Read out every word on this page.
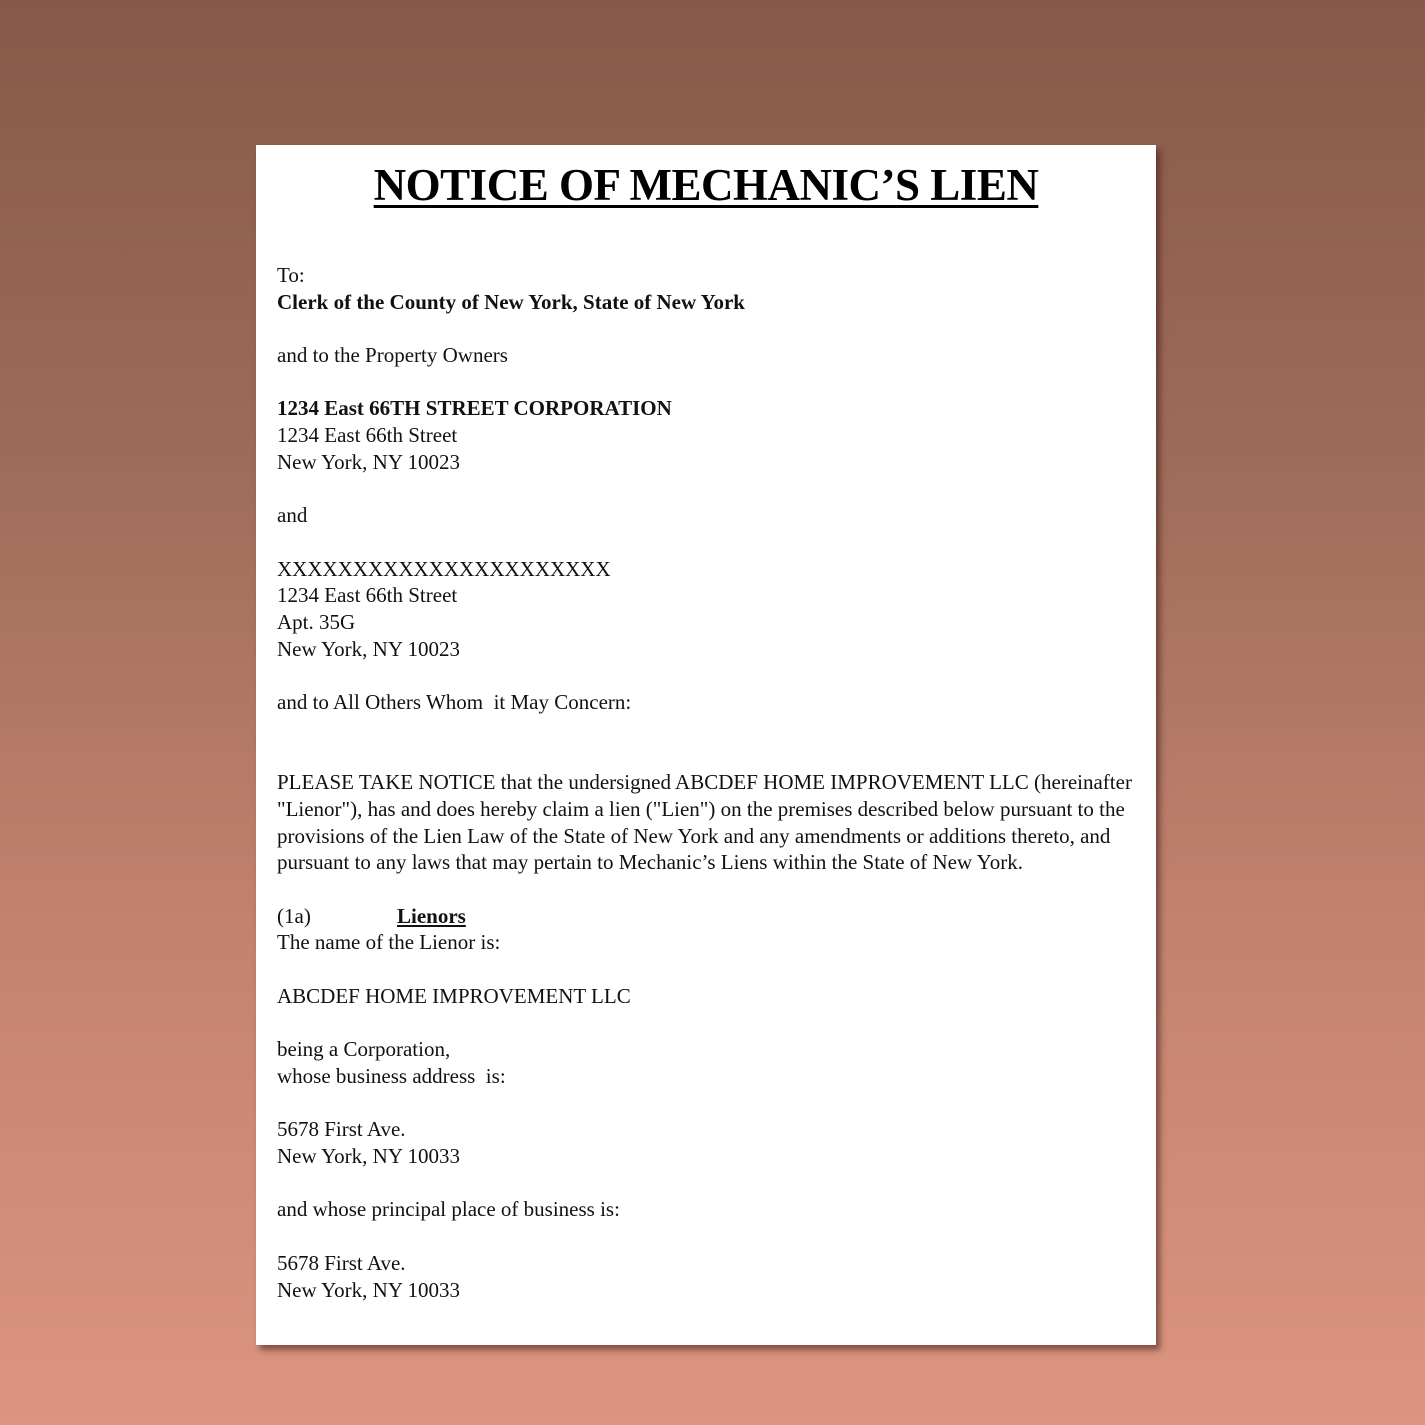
NOTICE OF MECHANIC’S LIEN
To:
Clerk of the County of New York, State of New York
and to the Property Owners
1234 East 66TH STREET CORPORATION
1234 East 66th Street
New York, NY 10023
and
XXXXXXXXXXXXXXXXXXXXXX
1234 East 66th Street
Apt. 35G
New York, NY 10023
and to All Others Whom  it May Concern:
PLEASE TAKE NOTICE that the undersigned ABCDEF HOME IMPROVEMENT LLC (hereinafter "Lienor"), has and does hereby claim a lien ("Lien") on the premises described below pursuant to the provisions of the Lien Law of the State of New York and any amendments or additions thereto, and pursuant to any laws that may pertain to Mechanic’s Liens within the State of New York.
(1a)	Lienors
The name of the Lienor is:
ABCDEF HOME IMPROVEMENT LLC
being a Corporation,
whose business address  is:
5678 First Ave.
New York, NY 10033
and whose principal place of business is:
5678 First Ave.
New York, NY 10033
